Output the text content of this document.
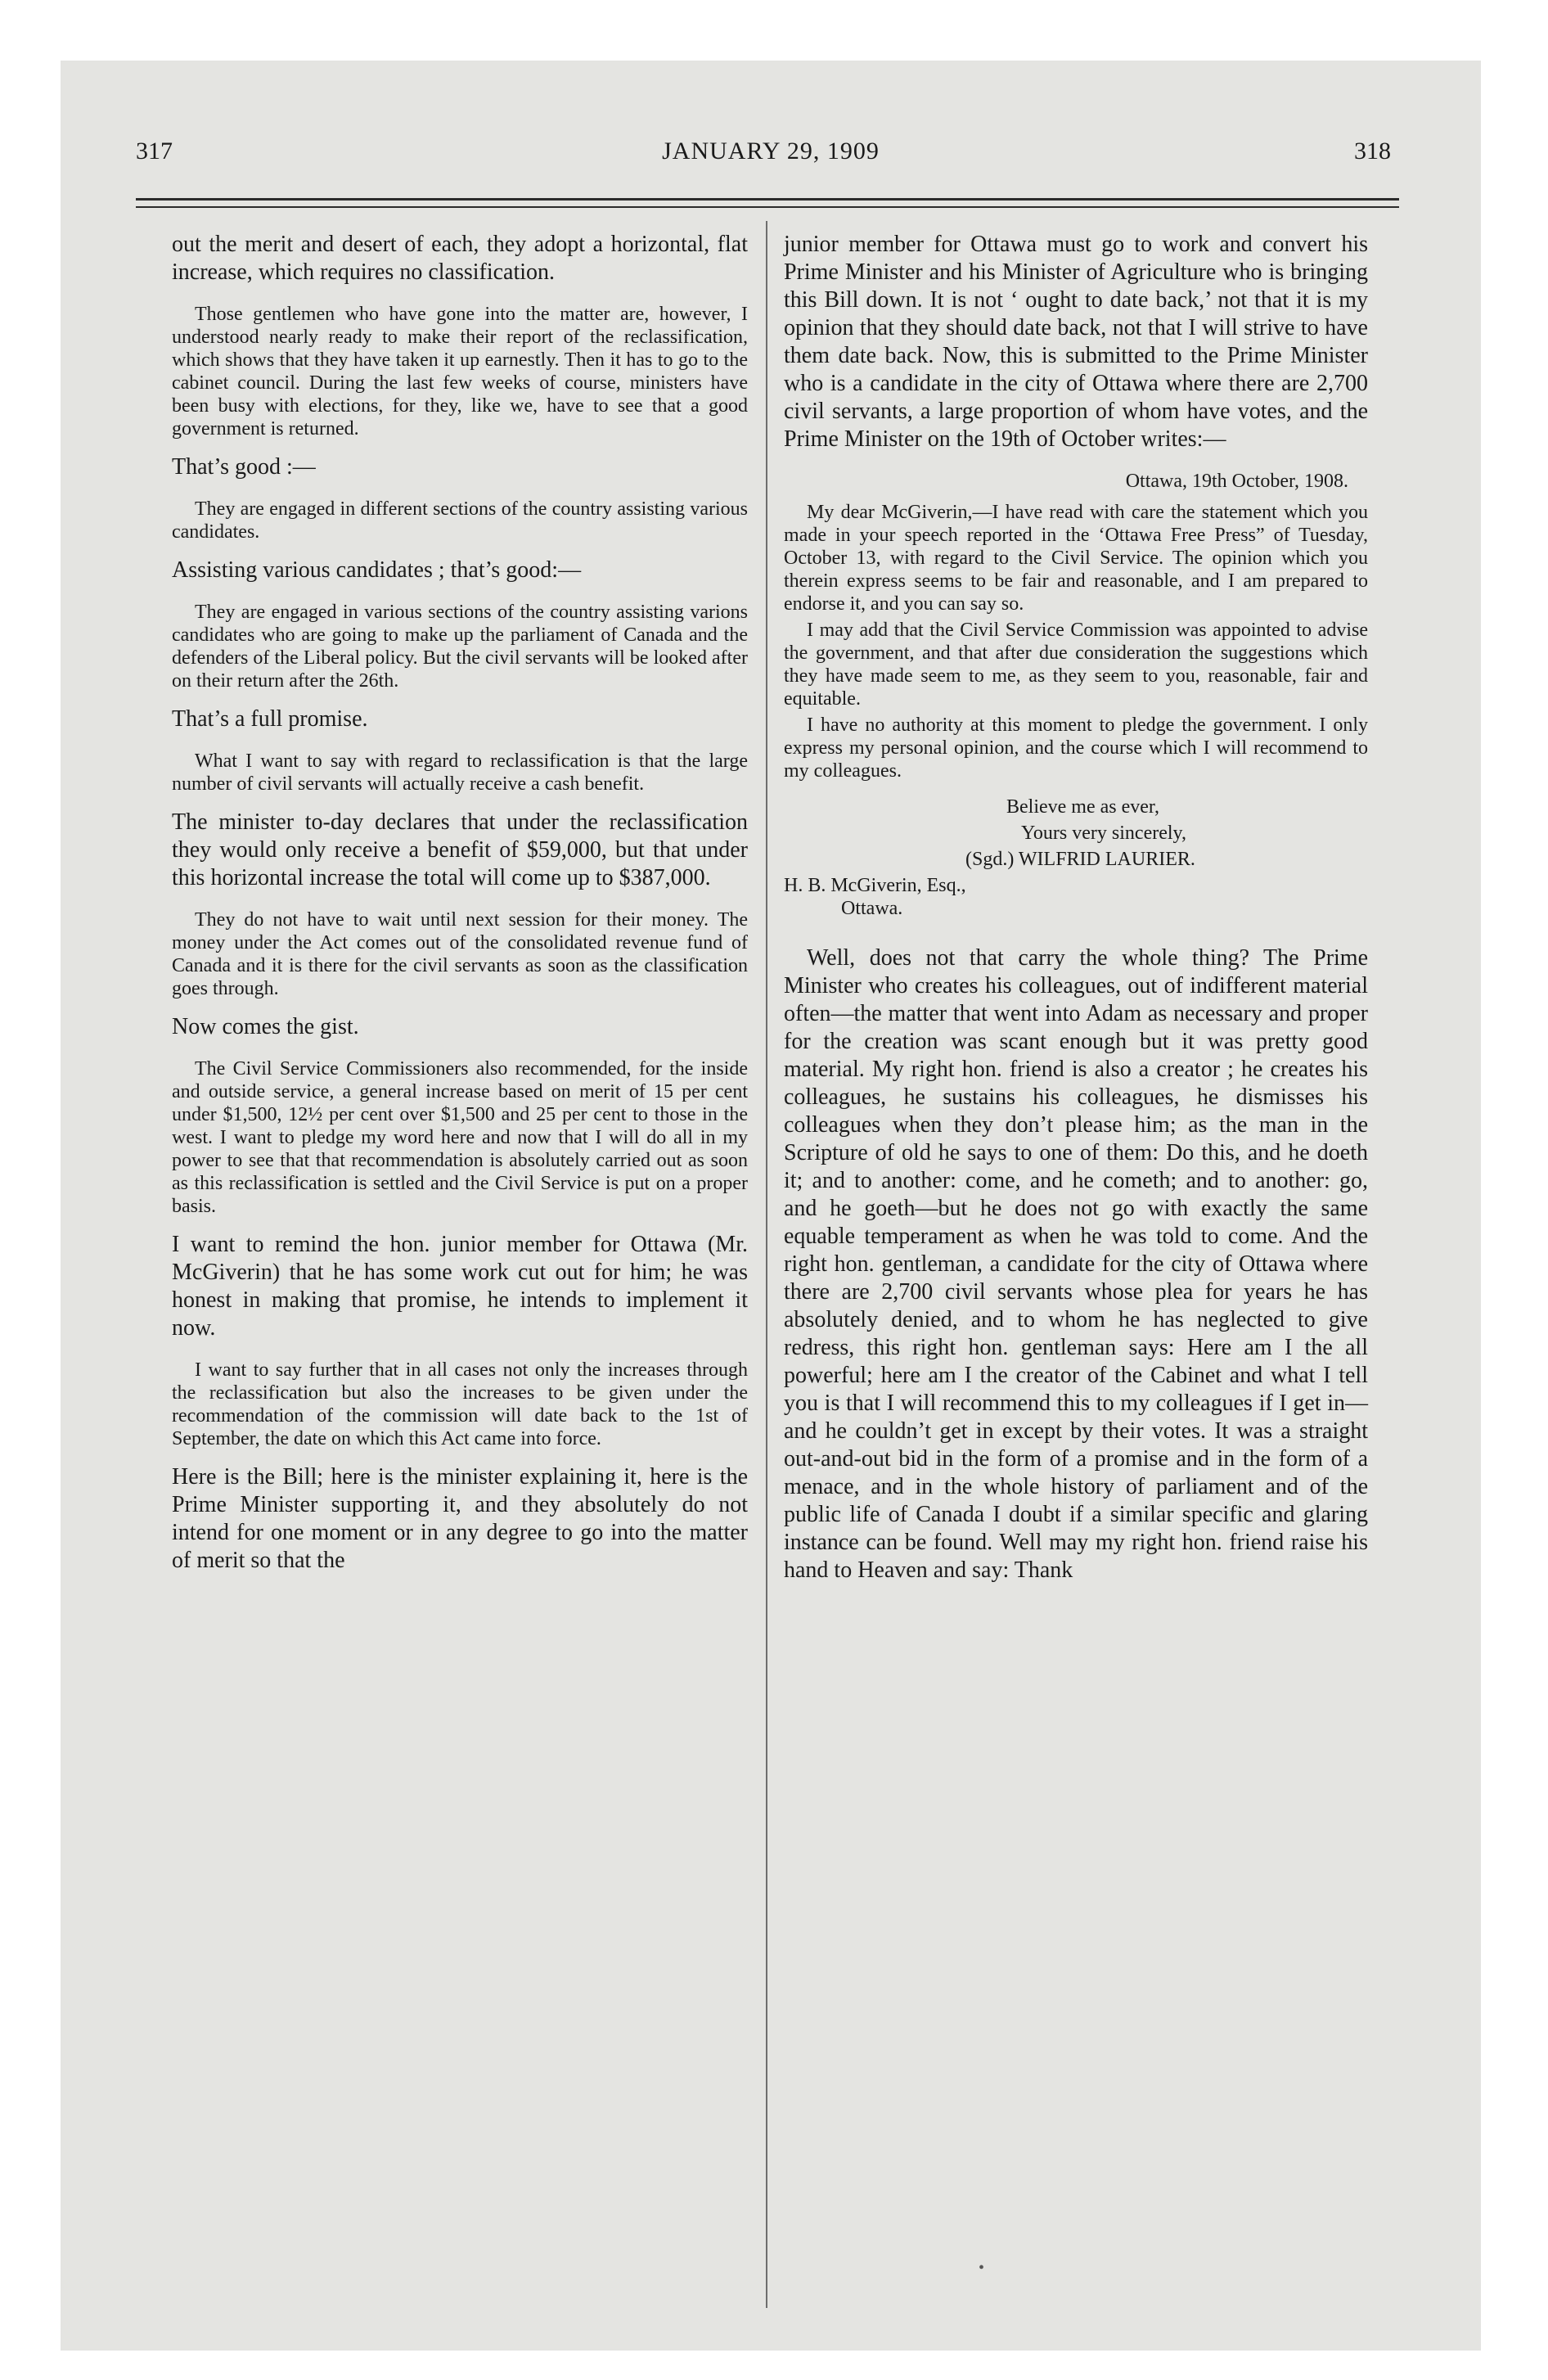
317	JANUARY 29, 1909	318

out the merit and desert of each, they adopt a horizontal, flat increase, which requires no classification.

Those gentlemen who have gone into the matter are, however, I understood nearly ready to make their report of the reclassification, which shows that they have taken it up earnestly. Then it has to go to the cabinet council. During the last few weeks of course, ministers have been busy with elections, for they, like we, have to see that a good government is returned.

That’s good :—

They are engaged in different sections of the country assisting various candidates.

Assisting various candidates ; that’s good:—

They are engaged in various sections of the country assisting varions candidates who are going to make up the parliament of Canada and the defenders of the Liberal policy. But the civil servants will be looked after on their return after the 26th.

That’s a full promise.

What I want to say with regard to reclassification is that the large number of civil servants will actually receive a cash benefit.

The minister to-day declares that under the reclassification they would only receive a benefit of $59,000, but that under this horizontal increase the total will come up to $387,000.

They do not have to wait until next session for their money. The money under the Act comes out of the consolidated revenue fund of Canada and it is there for the civil servants as soon as the classification goes through.

Now comes the gist.

The Civil Service Commissioners also recommended, for the inside and outside service, a general increase based on merit of 15 per cent under $1,500, 12½ per cent over $1,500 and 25 per cent to those in the west. I want to pledge my word here and now that I will do all in my power to see that that recommendation is absolutely carried out as soon as this reclassification is settled and the Civil Service is put on a proper basis.

I want to remind the hon. junior member for Ottawa (Mr. McGiverin) that he has some work cut out for him; he was honest in making that promise, he intends to implement it now.

I want to say further that in all cases not only the increases through the reclassification but also the increases to be given under the recommendation of the commission will date back to the 1st of September, the date on which this Act came into force.

Here is the Bill; here is the minister explaining it, here is the Prime Minister supporting it, and they absolutely do not intend for one moment or in any degree to go into the matter of merit so that the

junior member for Ottawa must go to work and convert his Prime Minister and his Minister of Agriculture who is bringing this Bill down. It is not ‘ ought to date back,’ not that it is my opinion that they should date back, not that I will strive to have them date back. Now, this is submitted to the Prime Minister who is a candidate in the city of Ottawa where there are 2,700 civil servants, a large proportion of whom have votes, and the Prime Minister on the 19th of October writes:—

Ottawa, 19th October, 1908.

My dear McGiverin,—I have read with care the statement which you made in your speech reported in the ‘Ottawa Free Press” of Tuesday, October 13, with regard to the Civil Service. The opinion which you therein express seems to be fair and reasonable, and I am prepared to endorse it, and you can say so.

I may add that the Civil Service Commission was appointed to advise the government, and that after due consideration the suggestions which they have made seem to me, as they seem to you, reasonable, fair and equitable.

I have no authority at this moment to pledge the government. I only express my personal opinion, and the course which I will recommend to my colleagues.

Believe me as ever,

Yours very sincerely,

(Sgd.) WILFRID LAURIER.

H. B. McGiverin, Esq.,

Ottawa.

Well, does not that carry the whole thing? The Prime Minister who creates his colleagues, out of indifferent material often—the matter that went into Adam as necessary and proper for the creation was scant enough but it was pretty good material. My right hon. friend is also a creator ; he creates his colleagues, he sustains his colleagues, he dismisses his colleagues when they don’t please him; as the man in the Scripture of old he says to one of them: Do this, and he doeth it; and to another: come, and he cometh; and to another: go, and he goeth—but he does not go with exactly the same equable temperament as when he was told to come. And the right hon. gentleman, a candidate for the city of Ottawa where there are 2,700 civil servants whose plea for years he has absolutely denied, and to whom he has neglected to give redress, this right hon. gentleman says: Here am I the all powerful; here am I the creator of the Cabinet and what I tell you is that I will recommend this to my colleagues if I get in—and he couldn’t get in except by their votes. It was a straight out-and-out bid in the form of a promise and in the form of a menace, and in the whole history of parliament and of the public life of Canada I doubt if a similar specific and glaring instance can be found. Well may my right hon. friend raise his hand to Heaven and say: Thank

•
